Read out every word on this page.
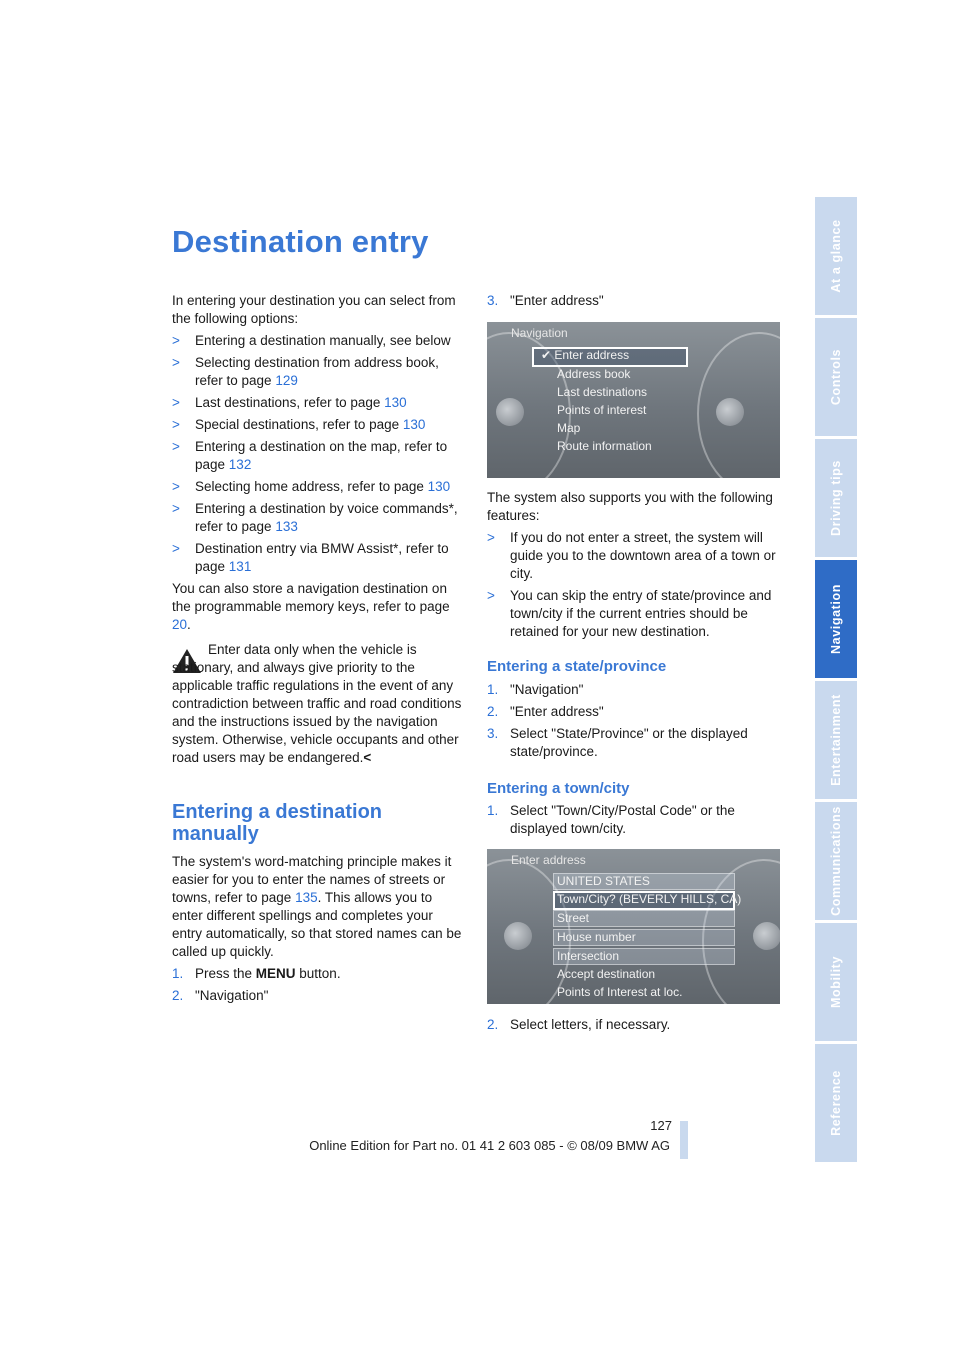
Destination entry	At a glance
Controls
Driving tips
Navigation
Entertainment
Communications
Mobility
Reference

In entering your destination you can select from the following options:

> Entering a destination manually, see below
> Selecting destination from address book, refer to page 129
> Last destinations, refer to page 130
> Special destinations, refer to page 130
> Entering a destination on the map, refer to page 132
> Selecting home address, refer to page 130
> Entering a destination by voice commands*, refer to page 133
> Destination entry via BMW Assist*, refer to page 131

You can also store a navigation destination on the programmable memory keys, refer to page 20.

Enter data only when the vehicle is stationary, and always give priority to the applicable traffic regulations in the event of any contradiction between traffic and road conditions and the instructions issued by the navigation system. Otherwise, vehicle occupants and other road users may be endangered.<
Entering a destination manually

The system's word-matching principle makes it easier for you to enter the names of streets or towns, refer to page 135. This allows you to enter different spellings and completes your entry automatically, so that stored names can be called up quickly.

1. Press the MENU button.
2. "Navigation"
3. "Enter address"
Navigation
✔ Enter address
Address book
Last destinations
Points of interest
Map
Route information

The system also supports you with the following features:

> If you do not enter a street, the system will guide you to the downtown area of a town or city.
> You can skip the entry of state/province and town/city if the current entries should be retained for your new destination.
Entering a state/province
1. "Navigation"
2. "Enter address"
3. Select "State/Province" or the displayed state/province.
Entering a town/city
1. Select "Town/City/Postal Code" or the displayed town/city.
Enter address
UNITED STATES
Town/City? (BEVERLY HILLS, CA)
Street
House number
Intersection
Accept destination
Points of Interest at loc.
2. Select letters, if necessary.
127
Online Edition for Part no. 01 41 2 603 085 - © 08/09 BMW AG
